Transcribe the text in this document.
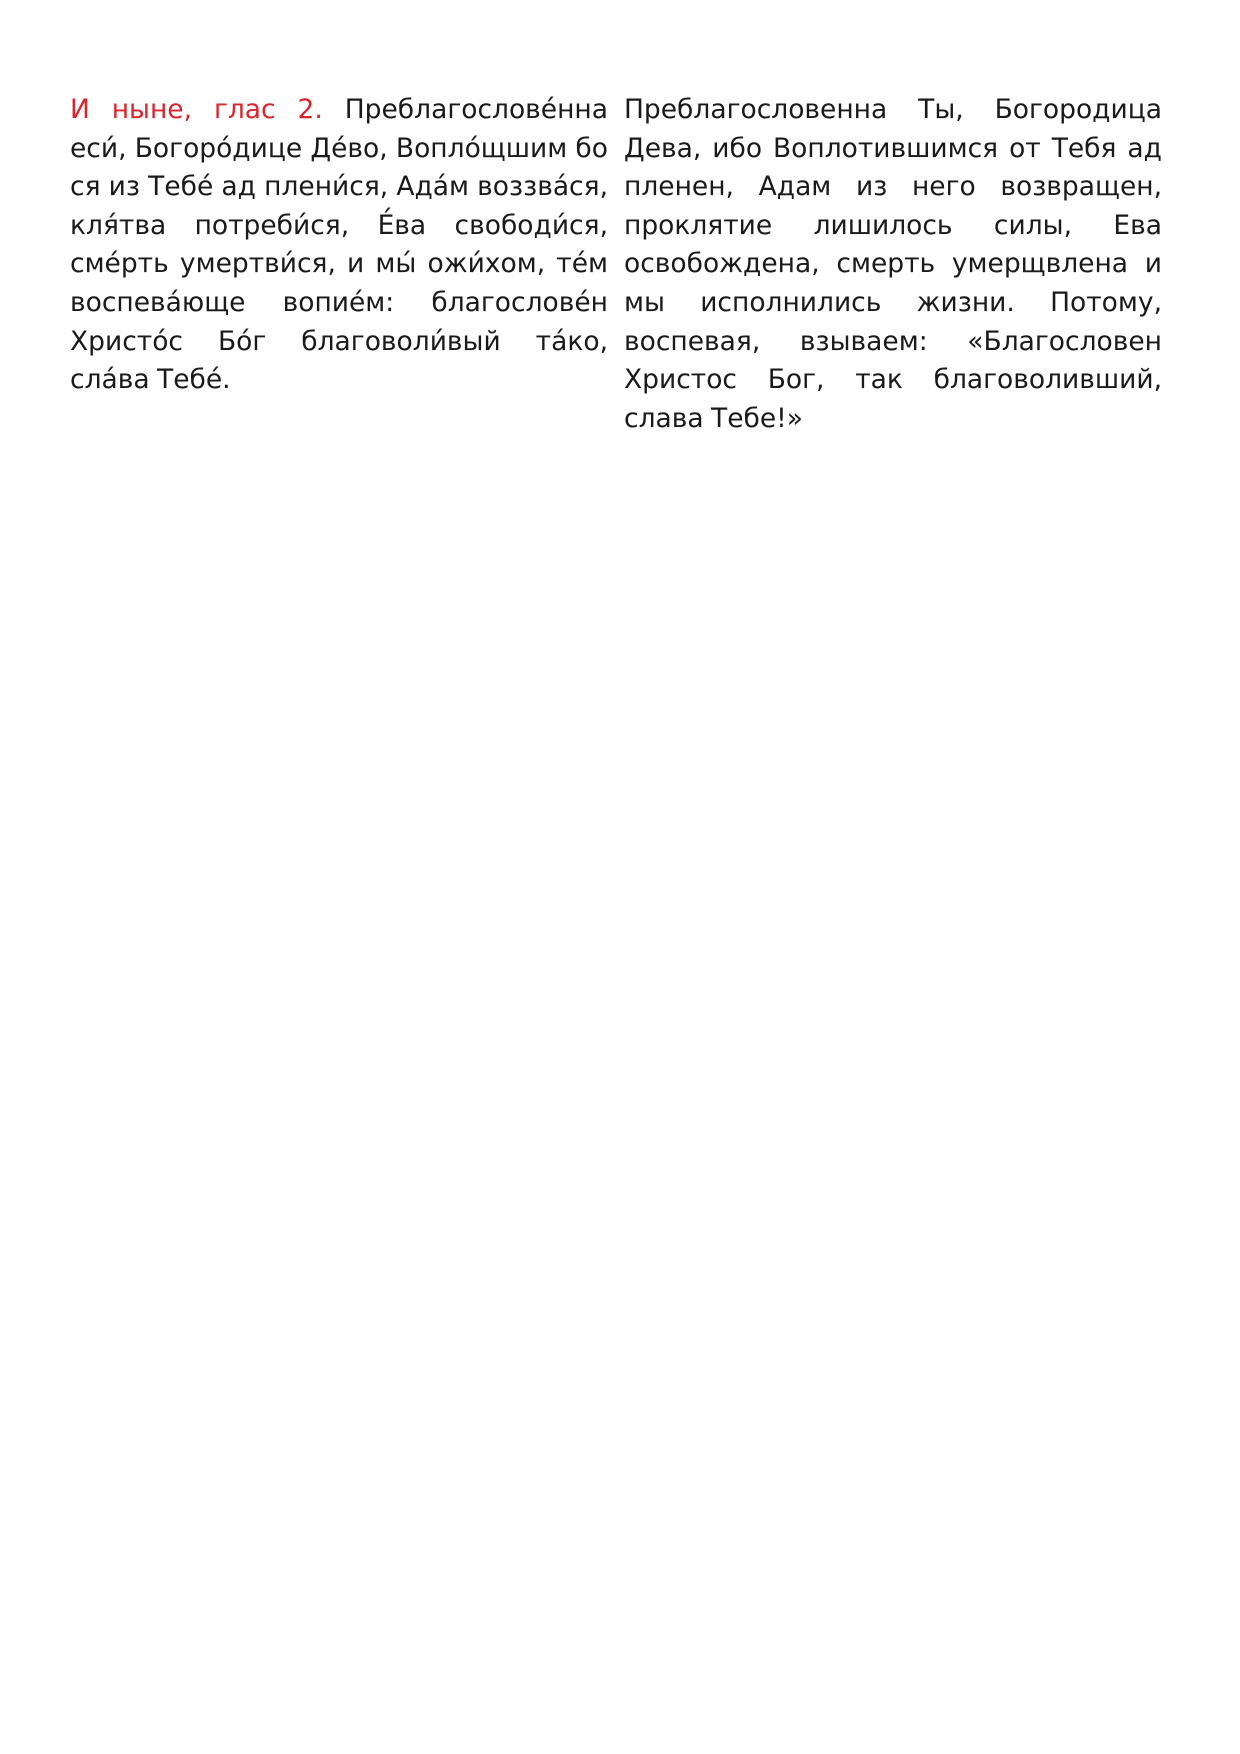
И ныне, глас 2. Преблагослове́нна еси́, Богоро́дице Де́во, Вопло́щшим бо ся из Тебе́ ад плени́ся, Ада́м воззва́ся, кля́тва потреби́ся, Е́ва свободи́ся, сме́рть умертви́ся, и мы́ ожи́хом, те́м воспева́юще вопие́м: благослове́н Христо́с Бо́г благоволи́вый та́ко, сла́ва Тебе́.
Преблагословенна Ты, Богородица Дева, ибо Воплотившимся от Тебя ад пленен, Адам из него возвращен, проклятие лишилось силы, Ева освобождена, смерть умерщвлена и мы исполнились жизни. Потому, воспевая, взываем: «Благословен Христос Бог, так благоволивший, слава Тебе!»
